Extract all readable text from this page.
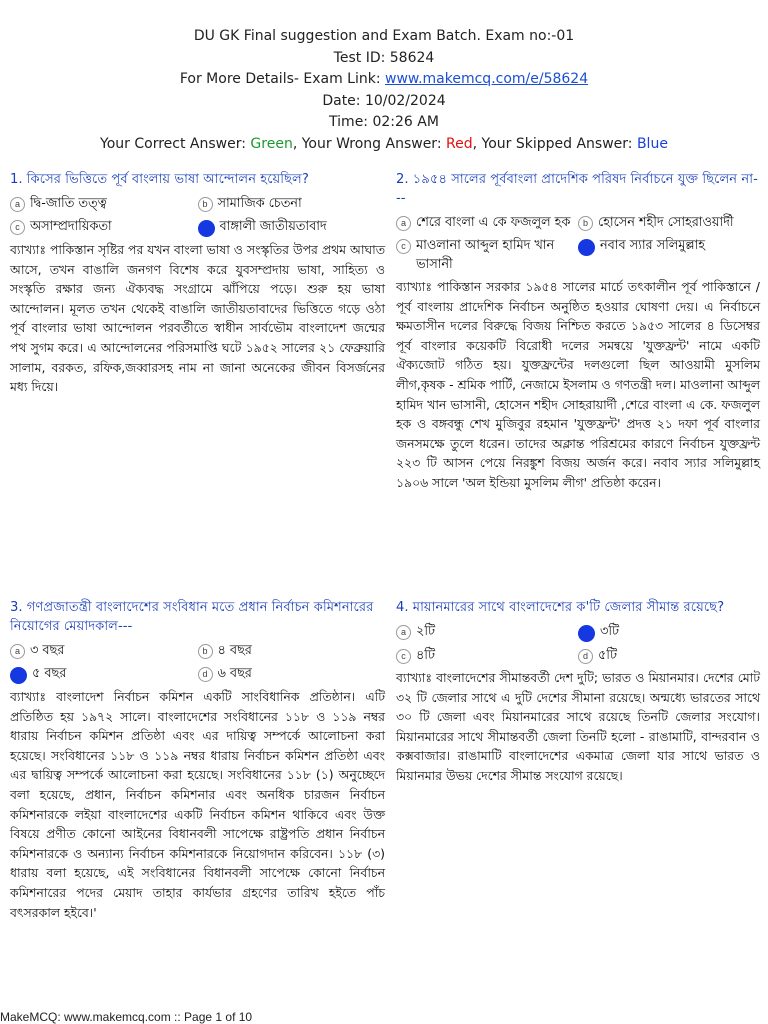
DU GK Final suggestion and Exam Batch. Exam no:-01
Test ID: 58624
For More Details- Exam Link: www.makemcq.com/e/58624
Date: 10/02/2024
Time: 02:26 AM
Your Correct Answer: Green, Your Wrong Answer: Red, Your Skipped Answer: Blue
1. কিসের ভিত্তিতে পূর্ব বাংলায় ভাষা আন্দোলন হয়েছিল?
a দ্বি-জাতি তত্ত্ব	b সামাজিক চেতনা
c অসাম্প্রদায়িকতা	d বাঙ্গালী জাতীয়তাবাদ
ব্যাখ্যাঃ পাকিস্তান সৃষ্টির পর যখন বাংলা ভাষা ও সংস্কৃতির উপর প্রথম আঘাত আসে, তখন বাঙালি জনগণ বিশেষ করে যুবসম্প্রদায় ভাষা, সাহিত্য ও সংস্কৃতি রক্ষার জন্য ঐক্যবদ্ধ সংগ্রামে ঝাঁপিয়ে পড়ে। শুরু হয় ভাষা আন্দোলন। মূলত তখন থেকেই বাঙালি জাতীয়তাবাদের ভিত্তিতে গড়ে ওঠা পূর্ব বাংলার ভাষা আন্দোলন পরবর্তীতে স্বাধীন সার্বভৌম বাংলাদেশ জন্মের পথ সুগম করে। এ আন্দোলনের পরিসমাপ্তি ঘটে ১৯৫২ সালের ২১ ফেব্রুয়ারি সালাম, বরকত, রফিক,জব্বারসহ নাম না জানা অনেকের জীবন বিসর্জনের মধ্য দিয়ে।
2. ১৯৫৪ সালের পূর্ববাংলা প্রাদেশিক পরিষদ নির্বাচনে যুক্ত ছিলেন না---
a শেরে বাংলা এ কে ফজলুল হক	b হোসেন শহীদ সোহরাওয়ার্দী
c মাওলানা আব্দুল হামিদ খান ভাসানী
d নবাব স্যার সলিমুল্লাহ
ব্যাখ্যাঃ পাকিস্তান সরকার ১৯৫৪ সালের মার্চে তৎকালীন পূর্ব পাকিস্তানে / পূর্ব বাংলায় প্রাদেশিক নির্বাচন অনুষ্ঠিত হওয়ার ঘোষণা দেয়। এ নির্বাচনে ক্ষমতাসীন দলের বিরুদ্ধে বিজয় নিশ্চিত করতে ১৯৫৩ সালের ৪ ডিসেম্বর পূর্ব বাংলার কয়েকটি বিরোধী দলের সমন্বয়ে 'যুক্তফ্রন্ট' নামে একটি ঐক্যজোট গঠিত হয়। যুক্তফ্রন্টের দলগুলো ছিল আওয়ামী মুসলিম লীগ,কৃষক - শ্রমিক পার্টি, নেজামে ইসলাম ও গণতন্ত্রী দল। মাওলানা আব্দুল হামিদ খান ভাসানী, হোসেন শহীদ সোহরায়ার্দী ,শেরে বাংলা এ কে. ফজলুল হক ও বঙ্গবন্ধু শেখ মুজিবুর রহমান 'যুক্তফ্রন্ট' প্রদত্ত ২১ দফা পূর্ব বাংলার জনসমক্ষে তুলে ধরেন। তাদের অক্লান্ত পরিশ্রমের কারণে নির্বাচন যুক্তফ্রন্ট ২২৩ টি আসন পেয়ে নিরঙ্কুশ বিজয় অর্জন করে। নবাব স্যার সলিমুল্লাহ ১৯০৬ সালে 'অল ইন্ডিয়া মুসলিম লীগ' প্রতিষ্ঠা করেন।
3. গণপ্রজাতন্ত্রী বাংলাদেশের সংবিধান মতে প্রধান নির্বাচন কমিশনারের নিয়োগের মেয়াদকাল---
a ৩ বছর	b ৪ বছর
c ৫ বছর	d ৬ বছর
ব্যাখ্যাঃ বাংলাদেশ নির্বাচন কমিশন একটি সাংবিধানিক প্রতিষ্ঠান। এটি প্রতিষ্ঠিত হয় ১৯৭২ সালে। বাংলাদেশের সংবিধানের ১১৮ ও ১১৯ নম্বর ধারায় নির্বাচন কমিশন প্রতিষ্ঠা এবং এর দায়িত্ব সম্পর্কে আলোচনা করা হয়েছে। সংবিধানের ১১৮ ও ১১৯ নম্বর ধারায় নির্বাচন কমিশন প্রতিষ্ঠা এবং এর দ্বায়িত্ব সম্পর্কে আলোচনা করা হয়েছে। সংবিধানের ১১৮ (১) অনুচ্ছেদে বলা হয়েছে, প্রধান, নির্বাচন কমিশনার এবং অনধিক চারজন নির্বাচন কমিশনারকে লইয়া বাংলাদেশের একটি নির্বাচন কমিশন থাকিবে এবং উক্ত বিষয়ে প্রণীত কোনো আইনের বিধানবলী সাপেক্ষে রাষ্ট্রপতি প্রধান নির্বাচন কমিশনারকে ও অন্যান্য নির্বাচন কমিশনারকে নিয়োগদান করিবেন। ১১৮ (৩) ধারায় বলা হয়েছে, এই সংবিধানের বিধানবলী সাপেক্ষে কোনো নির্বাচন কমিশনারের পদের মেয়াদ তাহার কার্যভার গ্রহণের তারিখ হইতে পাঁচ বৎসরকাল হইবে।'
4. মায়ানমারের সাথে বাংলাদেশের ক'টি জেলার সীমান্ত রয়েছে?
a ২টি	b ৩টি
c ৪টি	d ৫টি
ব্যাখ্যাঃ বাংলাদেশের সীমান্তবর্তী দেশ দুটি; ভারত ও মিয়ানমার। দেশের মোট ৩২ টি জেলার সাথে এ দুটি দেশের সীমানা রয়েছে। অন্মধ্যে ভারতের সাথে ৩০ টি জেলা এবং মিয়ানমারের সাথে রয়েছে তিনটি জেলার সংযোগ। মিয়ানমারের সাথে সীমান্তবর্তী জেলা তিনটি হলো - রাঙামাটি, বান্দরবান ও কক্সবাজার। রাঙামাটি বাংলাদেশের একমাত্র জেলা যার সাথে ভারত ও মিয়ানমার উভয় দেশের সীমান্ত সংযোগ রয়েছে।
MakeMCQ: www.makemcq.com :: Page 1 of 10
